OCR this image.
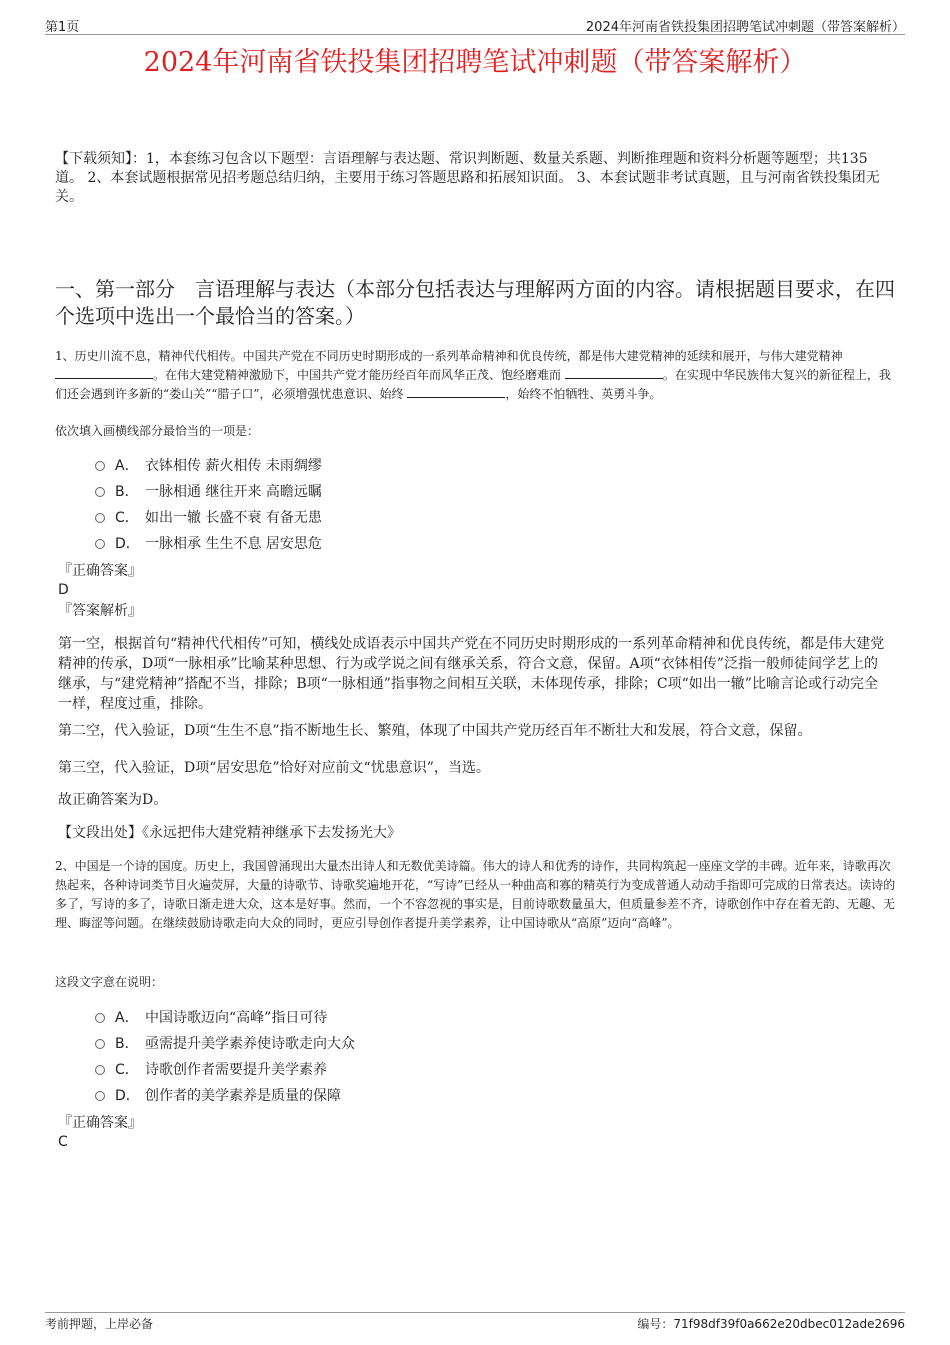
第1页	2024年河南省铁投集团招聘笔试冲刺题（带答案解析）
2024年河南省铁投集团招聘笔试冲刺题（带答案解析）
【下载须知】：1，本套练习包含以下题型：言语理解与表达题、常识判断题、数量关系题、判断推理题和资料分析题等题型；共135道。 2、本套试题根据常见招考题总结归纳，主要用于练习答题思路和拓展知识面。 3、本套试题非考试真题，且与河南省铁投集团无关。
一、第一部分　言语理解与表达（本部分包括表达与理解两方面的内容。请根据题目要求，在四个选项中选出一个最恰当的答案。）
1、历史川流不息，精神代代相传。中国共产党在不同历史时期形成的一系列革命精神和优良传统，都是伟大建党精神的延续和展开，与伟大建党精神 。在伟大建党精神激励下，中国共产党才能历经百年而风华正茂、饱经磨难而	。在实现中华民族伟大复兴的新征程上，我们还会遇到许多新的“娄山关”“腊子口”，必须增强忧患意识、始终	，始终不怕牺牲、英勇斗争。
依次填入画横线部分最恰当的一项是：
A． 衣钵相传 薪火相传 未雨绸缪
B． 一脉相通 继往开来 高瞻远瞩
C． 如出一辙 长盛不衰 有备无患
D． 一脉相承 生生不息 居安思危
『正确答案』
D
『答案解析』
第一空，根据首句“精神代代相传”可知，横线处成语表示中国共产党在不同历史时期形成的一系列革命精神和优良传统，都是伟大建党精神的传承，D项“一脉相承”比喻某种思想、行为或学说之间有继承关系，符合文意，保留。A项“衣钵相传”泛指一般师徒间学艺上的继承，与“建党精神”搭配不当，排除；B项“一脉相通”指事物之间相互关联，未体现传承，排除；C项“如出一辙”比喻言论或行动完全一样，程度过重，排除。
第二空，代入验证，D项“生生不息”指不断地生长、繁殖，体现了中国共产党历经百年不断壮大和发展，符合文意，保留。
第三空，代入验证，D项“居安思危”恰好对应前文“忧患意识”，当选。
故正确答案为D。
【文段出处】《永远把伟大建党精神继承下去发扬光大》
2、中国是一个诗的国度。历史上，我国曾涌现出大量杰出诗人和无数优美诗篇。伟大的诗人和优秀的诗作，共同构筑起一座座文学的丰碑。近年来，诗歌再次热起来，各种诗词类节目火遍荧屏，大量的诗歌节、诗歌奖遍地开花，“写诗”已经从一种曲高和寡的精英行为变成普通人动动手指即可完成的日常表达。读诗的多了，写诗的多了，诗歌日渐走进大众，这本是好事。然而，一个不容忽视的事实是，目前诗歌数量虽大，但质量参差不齐，诗歌创作中存在着无韵、无趣、无理、晦涩等问题。在继续鼓励诗歌走向大众的同时，更应引导创作者提升美学素养，让中国诗歌从“高原”迈向“高峰”。
这段文字意在说明：
A． 中国诗歌迈向“高峰”指日可待
B． 亟需提升美学素养使诗歌走向大众
C． 诗歌创作者需要提升美学素养
D． 创作者的美学素养是质量的保障
『正确答案』
C
考前押题，上岸必备	编号：71f98df39f0a662e20dbec012ade2696
